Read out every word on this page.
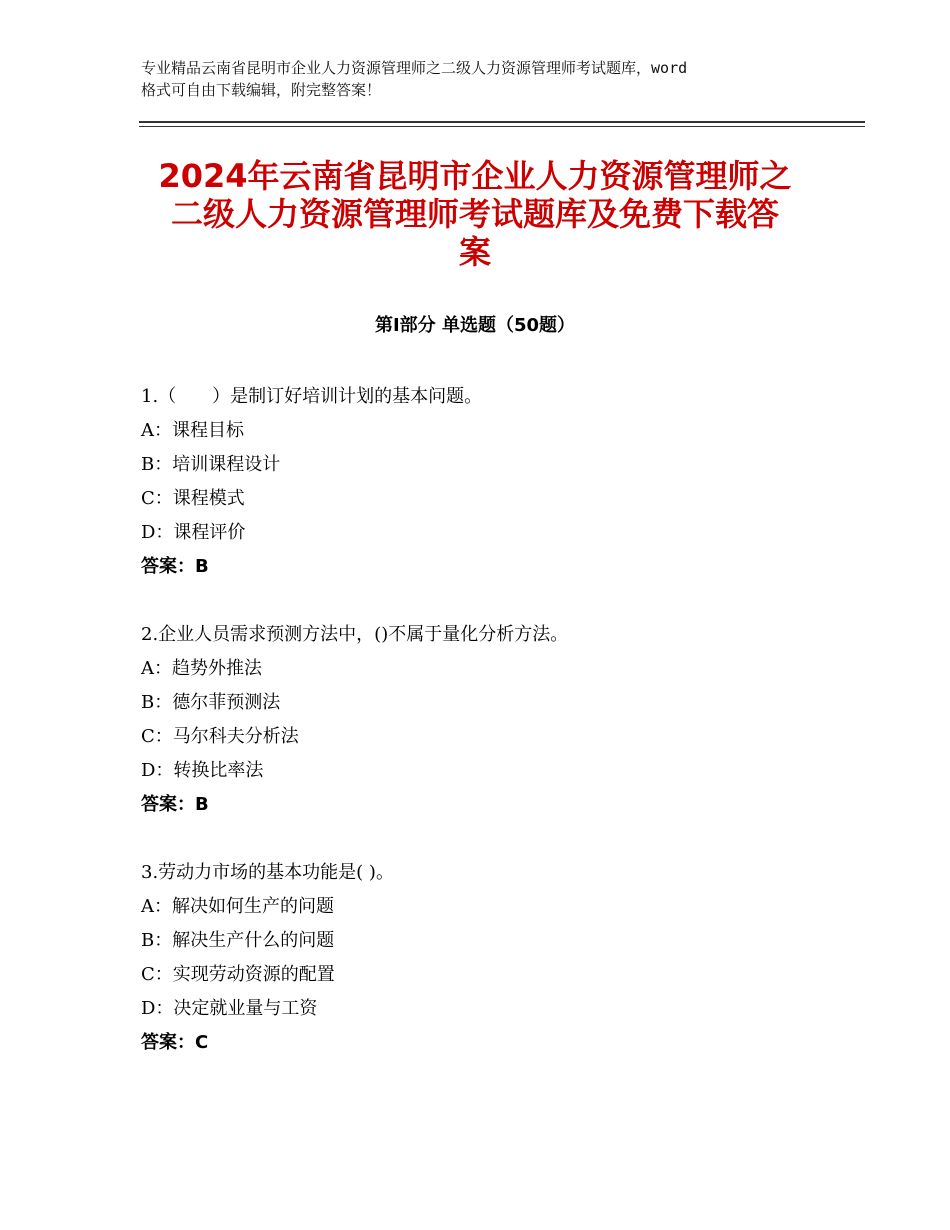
专业精品云南省昆明市企业人力资源管理师之二级人力资源管理师考试题库，word
格式可自由下载编辑，附完整答案！
2024年云南省昆明市企业人力资源管理师之
二级人力资源管理师考试题库及免费下载答
案
第Ⅰ部分 单选题（50题）
1.（　　）是制订好培训计划的基本问题。
A：课程目标
B：培训课程设计
C：课程模式
D：课程评价
答案：B
2.企业人员需求预测方法中，()不属于量化分析方法。
A：趋势外推法
B：德尔菲预测法
C：马尔科夫分析法
D：转换比率法
答案：B
3.劳动力市场的基本功能是( )。
A：解决如何生产的问题
B：解决生产什么的问题
C：实现劳动资源的配置
D：决定就业量与工资
答案：C
